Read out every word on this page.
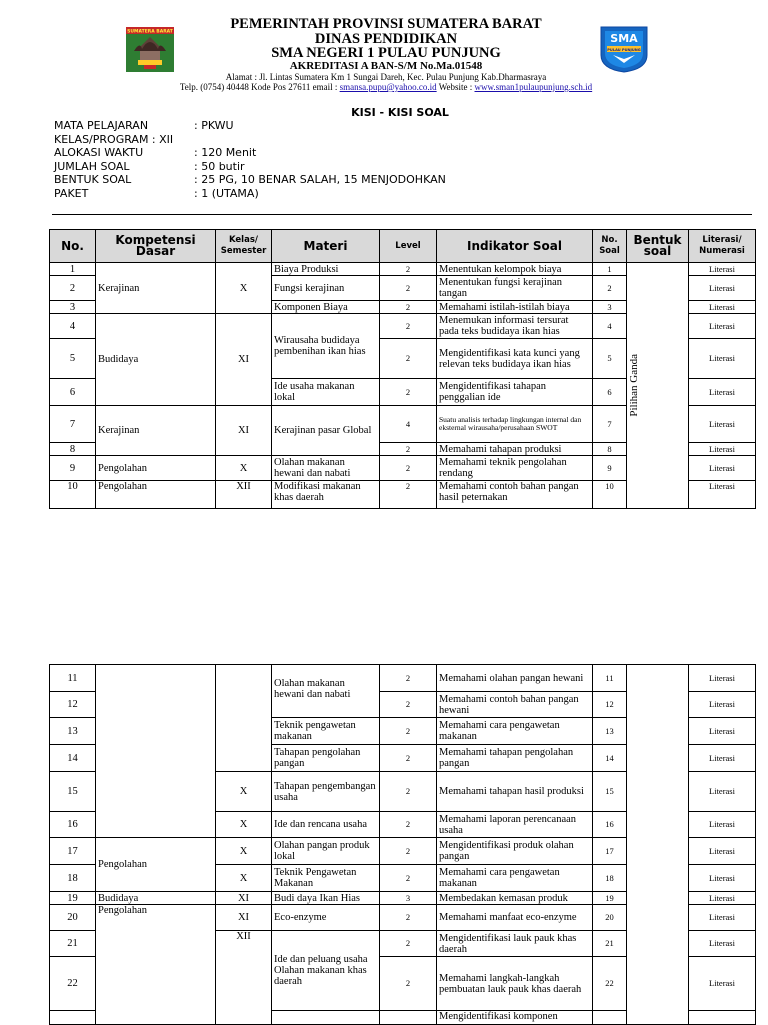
SUMATERA BARAT	PEMERINTAH PROVINSI SUMATERA BARAT
DINAS PENDIDIKAN
SMA NEGERI 1 PULAU PUNJUNG
AKREDITASI A BAN-S/M No.Ma.01548
Alamat : Jl. Lintas Sumatera Km 1 Sungai Dareh, Kec. Pulau Punjung Kab.Dharmasraya
Telp. (0754) 40448 Kode Pos 27611 email : smansa.pupu@yahoo.co.id Website : www.sman1pulaupunjung.sch.id
SMA
PULAU PUNJUNG
KISI - KISI SOAL
MATA PELAJARAN	: PKWU
KELAS/PROGRAM : XII
ALOKASI WAKTU	: 120 Menit
JUMLAH SOAL	: 50 butir
BENTUK SOAL	: 25 PG, 10 BENAR SALAH, 15 MENJODOHKAN
PAKET	: 1 (UTAMA)
No.	Kompetensi Dasar	Kelas/ Semester	Materi	Level	Indikator Soal	No. Soal	Bentuk soal	Literasi/ Numerasi
1	Kerajinan	X	Biaya Produksi	2	Menentukan kelompok biaya	1	Pilihan Ganda	Literasi
2			Fungsi kerajinan	2	Menentukan fungsi kerajinan tangan	2		Literasi
3			Komponen Biaya	2	Memahami istilah-istilah biaya	3		Literasi
4	Budidaya	XI	Wirausaha budidaya pembenihan ikan hias	2	Menemukan informasi tersurat pada teks budidaya ikan hias	4		Literasi
5				2	Mengidentifikasi kata kunci yang relevan teks budidaya ikan hias	5		Literasi
6			Ide usaha makanan lokal	2	Mengidentifikasi tahapan penggalian ide	6		Literasi
7	Kerajinan	XI	Kerajinan pasar Global	4	Suatu analisis terhadap lingkungan internal dan eksternal wirausaha/perusahaan SWOT	7		Literasi
8				2	Memahami tahapan produksi	8		Literasi
9	Pengolahan	X	Olahan makanan hewani dan nabati	2	Memahami teknik pengolahan rendang	9		Literasi
10	Pengolahan	XII	Modifikasi makanan khas daerah	2	Memahami contoh bahan pangan hasil peternakan	10		Literasi
11			Olahan makanan hewani dan nabati	2	Memahami olahan pangan hewani	11		Literasi
12				2	Memahami contoh bahan pangan hewani	12		Literasi
13			Teknik pengawetan makanan	2	Memahami cara pengawetan makanan	13		Literasi
14			Tahapan pengolahan pangan	2	Memahami tahapan pengolahan pangan	14		Literasi
15		X	Tahapan pengembangan usaha	2	Memahami tahapan hasil produksi	15		Literasi
16		X	Ide dan rencana usaha	2	Memahami laporan perencanaan usaha	16		Literasi
17	Pengolahan	X	Olahan pangan produk lokal	2	Mengidentifikasi produk olahan pangan	17		Literasi
18		X	Teknik Pengawetan Makanan	2	Memahami cara pengawetan makanan	18		Literasi
19	Budidaya	XI	Budi daya Ikan Hias	3	Membedakan kemasan produk	19		Literasi
20	Pengolahan	XI	Eco-enzyme	2	Memahami manfaat eco-enzyme	20		Literasi
21		XII	Ide dan peluang usaha Olahan makanan khas daerah	2	Mengidentifikasi lauk pauk khas daerah	21		Literasi
22				2	Memahami langkah-langkah pembuatan lauk pauk khas daerah	22		Literasi
					Mengidentifikasi komponen			
